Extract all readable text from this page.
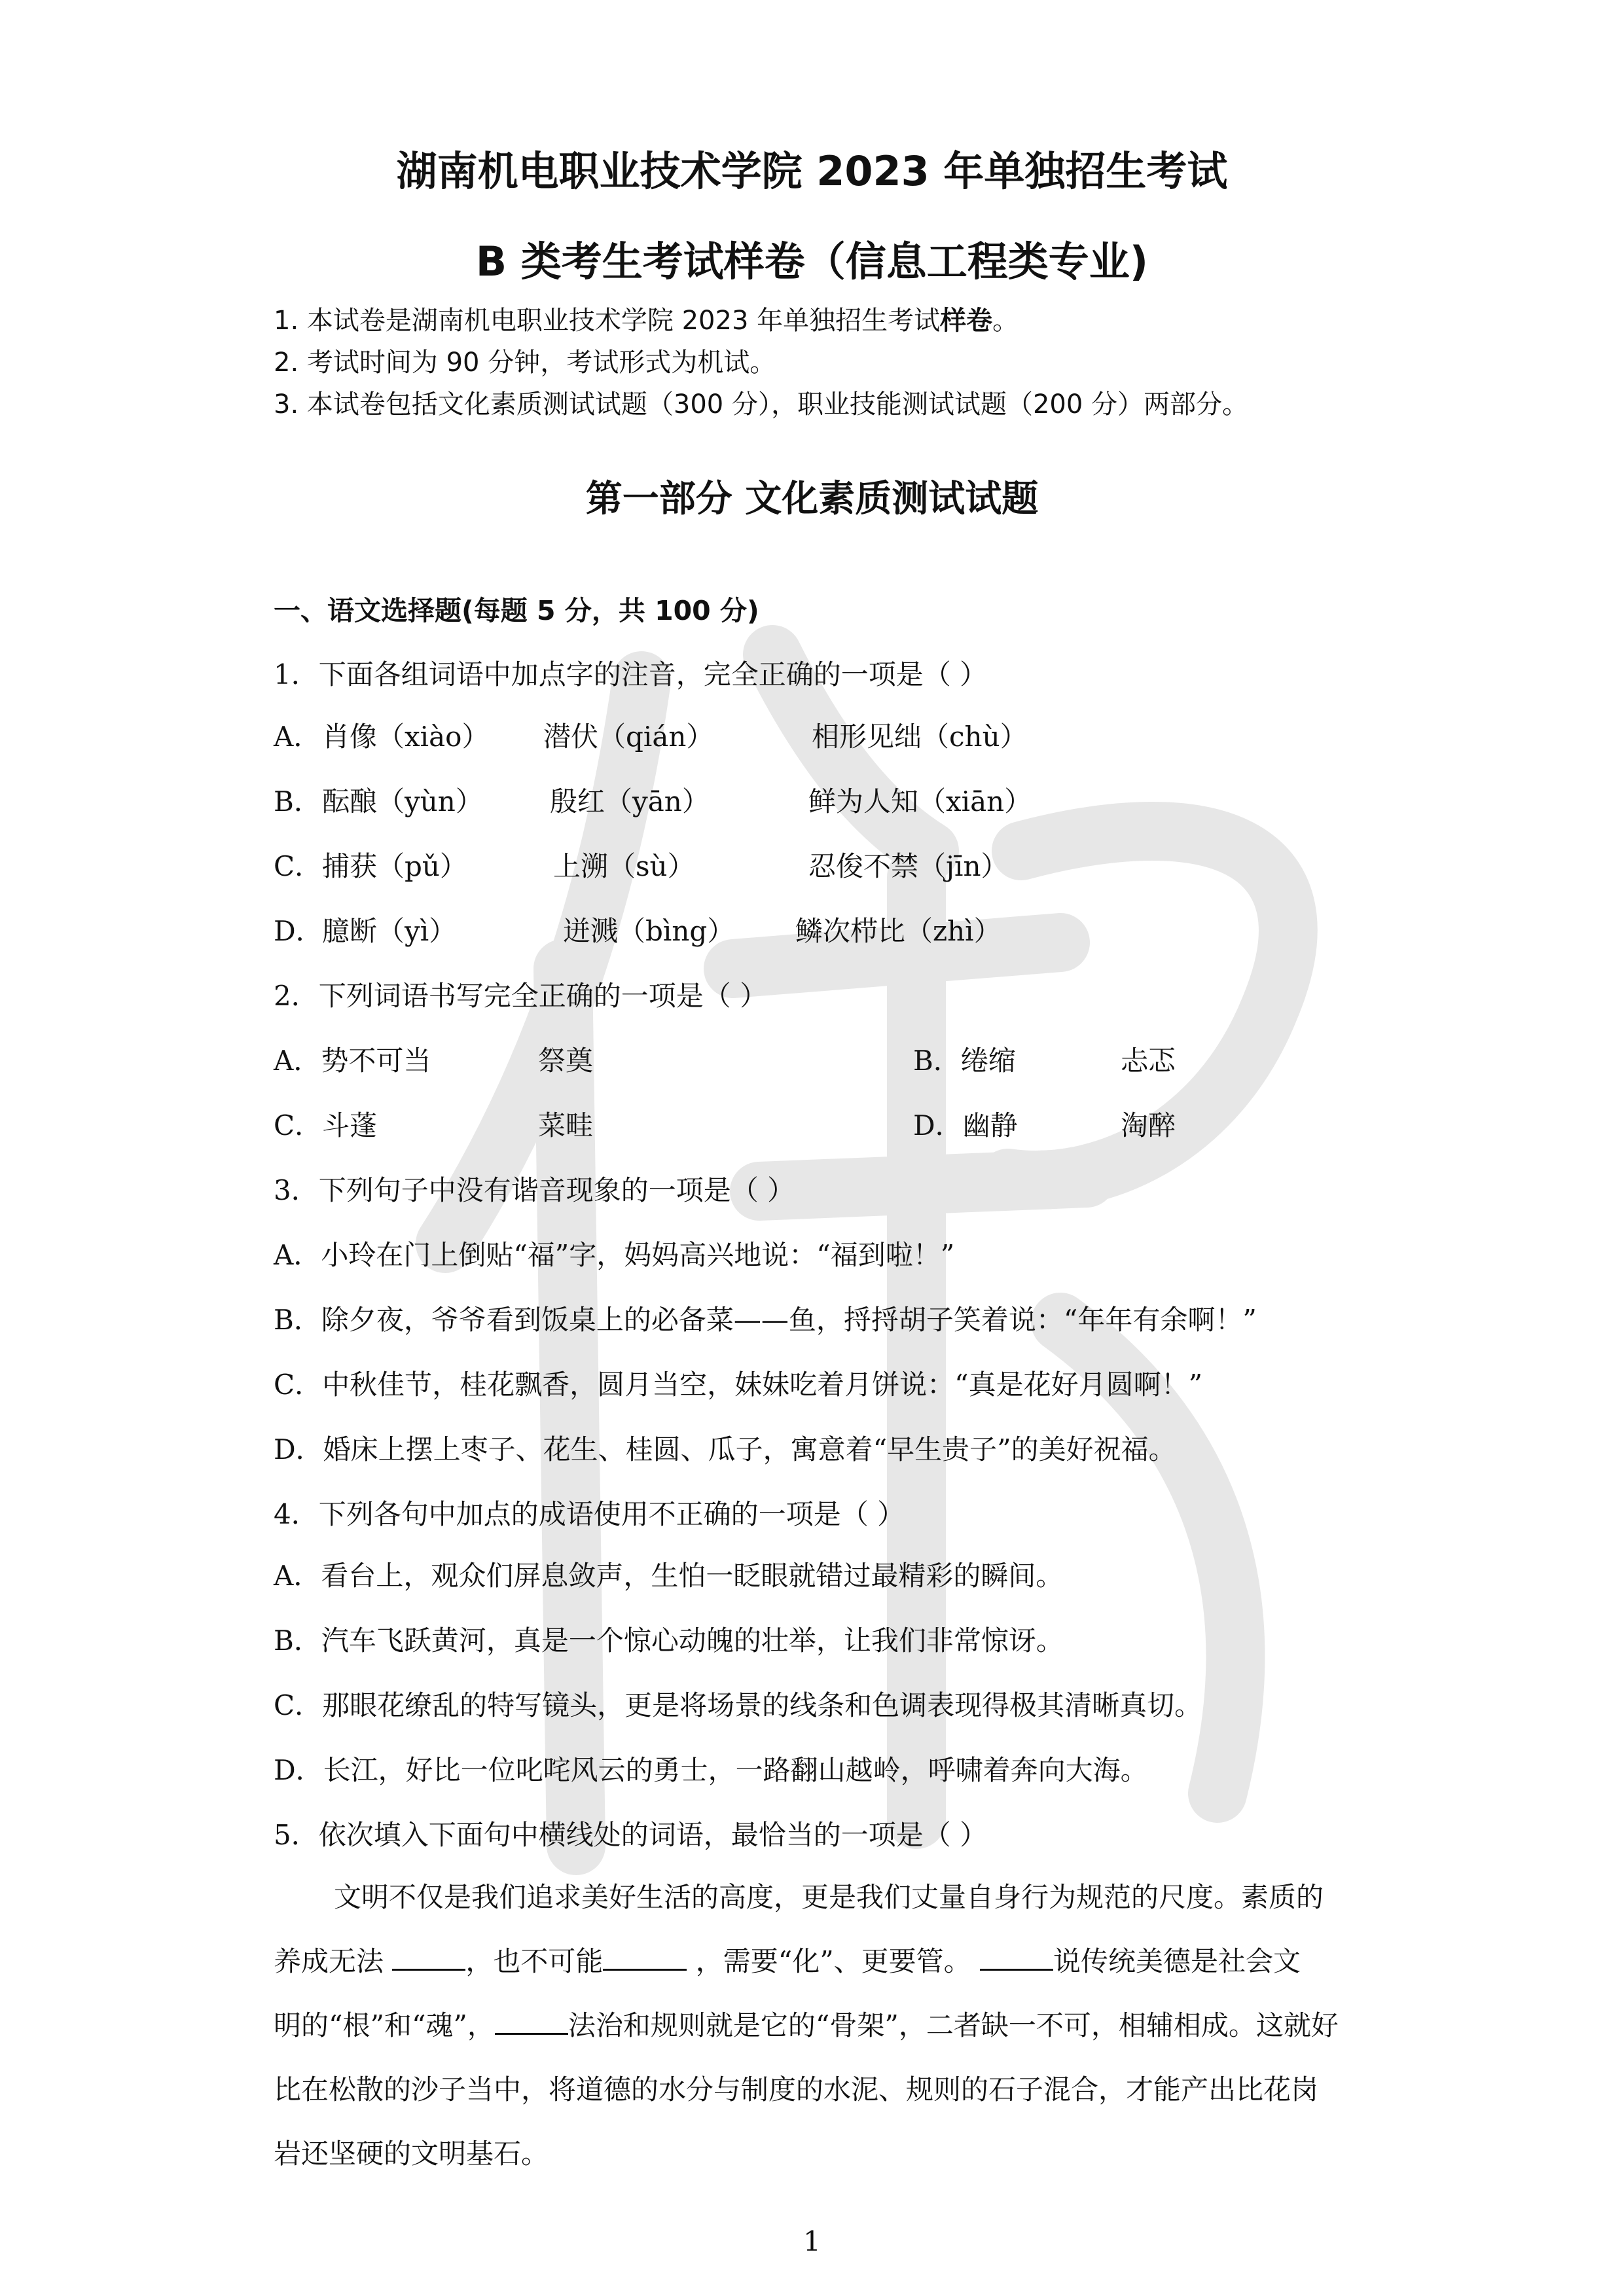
湖南机电职业技术学院 2023 年单独招生考试
B 类考生考试样卷（信息工程类专业)
1. 本试卷是湖南机电职业技术学院 2023 年单独招生考试样卷。
2. 考试时间为 90 分钟，考试形式为机试。
3. 本试卷包括文化素质测试试题（300 分），职业技能测试试题（200 分）两部分。
第一部分 文化素质测试试题
一、语文选择题(每题 5 分，共 100 分)
1．下面各组词语中加点字的注音，完全正确的一项是（ ）
A． 肖像（xiào） 潜伏（qián）	相形见绌（chù）
B． 酝酿（yùn） 殷红（yān）	鲜为人知（xiān）
C． 捕获（pǔ）	上溯（sù）	忍俊不禁（jīn）
D．
臆断（yì）	迸溅（bìng） 鳞次栉比（zhì）
2．下列词语书写完全正确的一项是（ ）
A．势不可当	祭奠	B．绻缩	忐忑
C．斗蓬	菜畦	D．幽静	淘醉
3．下列句子中没有谐音现象的一项是（ ）
A．小玲在门上倒贴“福”字，妈妈高兴地说：“福到啦！”
B．除夕夜，爷爷看到饭桌上的必备菜——鱼，捋捋胡子笑着说：“年年有余啊！”
C．中秋佳节，桂花飘香，圆月当空，妹妹吃着月饼说：“真是花好月圆啊！”
D．婚床上摆上枣子、花生、桂圆、瓜子，寓意着“早生贵子”的美好祝福。
4．下列各句中加点的成语使用不正确的一项是（ ）
A．看台上，观众们屏息敛声，生怕一眨眼就错过最精彩的瞬间。
B．汽车飞跃黄河，真是一个惊心动魄的壮举，让我们非常惊讶。
C．那眼花缭乱的特写镜头，更是将场景的线条和色调表现得极其清晰真切。
D．长江，好比一位叱咤风云的勇士，一路翻山越岭，呼啸着奔向大海。
5．依次填入下面句中横线处的词语，最恰当的一项是（ ）
文明不仅是我们追求美好生活的高度，更是我们丈量自身行为规范的尺度。素质的
养成无法	，也不可能	，需要“化”、更要管。	说传统美德是社会文
明的“根”和“魂”，	法治和规则就是它的“骨架”，二者缺一不可，相辅相成。这就好
比在松散的沙子当中，将道德的水分与制度的水泥、规则的石子混合，才能产出比花岗
岩还坚硬的文明基石。
1
